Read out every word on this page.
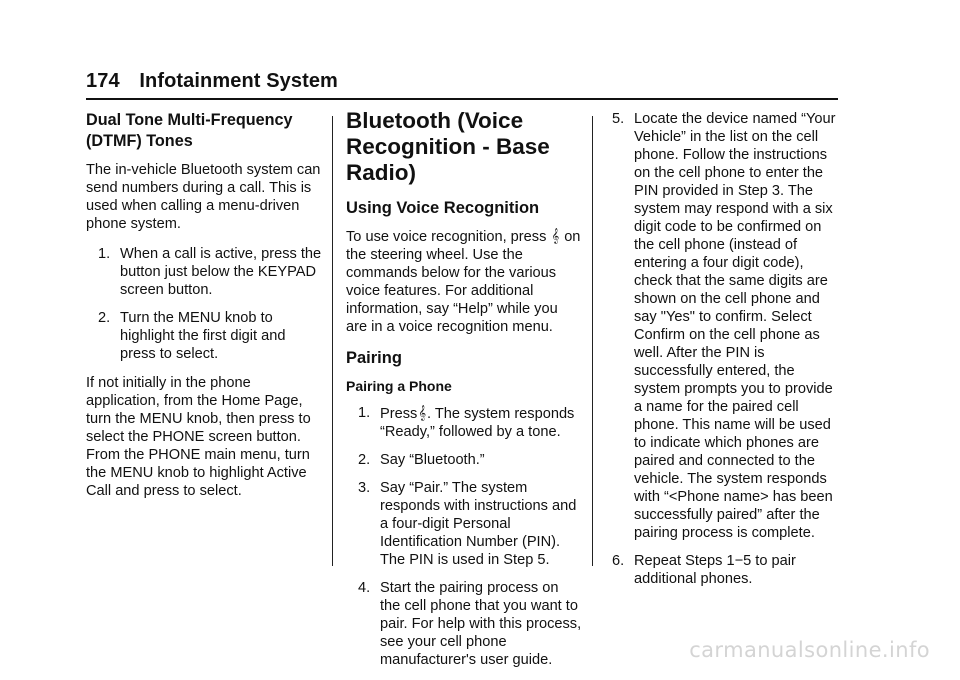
174 Infotainment System
Dual Tone Multi-Frequency (DTMF) Tones

The in-vehicle Bluetooth system can send numbers during a call. This is used when calling a menu-driven phone system.

1. When a call is active, press the button just below the KEYPAD screen button.
2. Turn the MENU knob to highlight the first digit and press to select.

If not initially in the phone application, from the Home Page, turn the MENU knob, then press to select the PHONE screen button. From the PHONE main menu, turn the MENU knob to highlight Active Call and press to select.

Bluetooth (Voice Recognition - Base Radio)
Using Voice Recognition

To use voice recognition, press 𝄞 on the steering wheel. Use the commands below for the various voice features. For additional information, say “Help” while you are in a voice recognition menu.

Pairing
Pairing a Phone
1. Press𝄞. The system responds “Ready,” followed by a tone.
2. Say “Bluetooth.”
3. Say “Pair.” The system responds with instructions and a four-digit Personal Identification Number (PIN). The PIN is used in Step 5.
4. Start the pairing process on the cell phone that you want to pair. For help with this process, see your cell phone manufacturer's user guide.
5. Locate the device named “Your Vehicle” in the list on the cell phone. Follow the instructions on the cell phone to enter the PIN provided in Step 3. The system may respond with a six digit code to be confirmed on the cell phone (instead of entering a four digit code), check that the same digits are shown on the cell phone and say "Yes" to confirm. Select Confirm on the cell phone as well. After the PIN is successfully entered, the system prompts you to provide a name for the paired cell phone. This name will be used to indicate which phones are paired and connected to the vehicle. The system responds with “<Phone name> has been successfully paired” after the pairing process is complete.
6. Repeat Steps 1−5 to pair additional phones.
carmanualsonline.info
